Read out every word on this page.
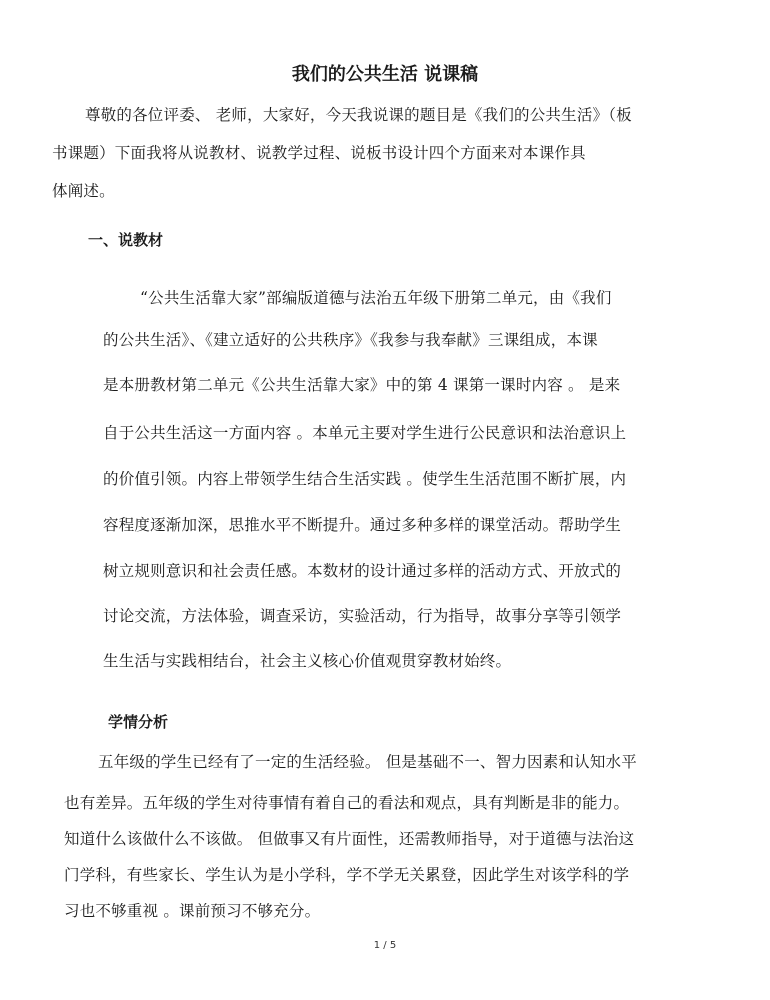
我们的公共生活 说课稿
尊敬的各位评委、 老师，大家好，今天我说课的题目是《我们的公共生活》（板
书课题）下面我将从说教材、说教学过程、说板书设计四个方面来对本课作具
体阐述。
一、说教材
“公共生活靠大家”部编版道德与法治五年级下册第二单元，由《我们
的公共生活》、《建立适好的公共秩序》《我参与我奉献》三课组成，本课
是本册教材第二单元《公共生活靠大家》中的第 4 课第一课时内容 。 是来
自于公共生活这一方面内容 。本单元主要对学生进行公民意识和法治意识上
的价值引领。内容上带领学生结合生活实践 。使学生生活范围不断扩展，内
容程度逐渐加深，思推水平不断提升。通过多种多样的课堂活动。帮助学生
树立规则意识和社会责任感。本数材的设计通过多样的活动方式、开放式的
讨论交流，方法体验，调查采访，实验活动，行为指导，故事分享等引领学
生生活与实践相结台，社会主义核心价值观贯穿教材始终。
学情分析
五年级的学生已经有了一定的生活经验。 但是基础不一、智力因素和认知水平
也有差异。五年级的学生对待事情有着自己的看法和观点，具有判断是非的能力。
知道什么该做什么不该做。 但做事又有片面性，还需教师指导，对于道德与法治这
门学科，有些家长、学生认为是小学科，学不学无关累登，因此学生对该学科的学
习也不够重视 。课前预习不够充分。
1 / 5
